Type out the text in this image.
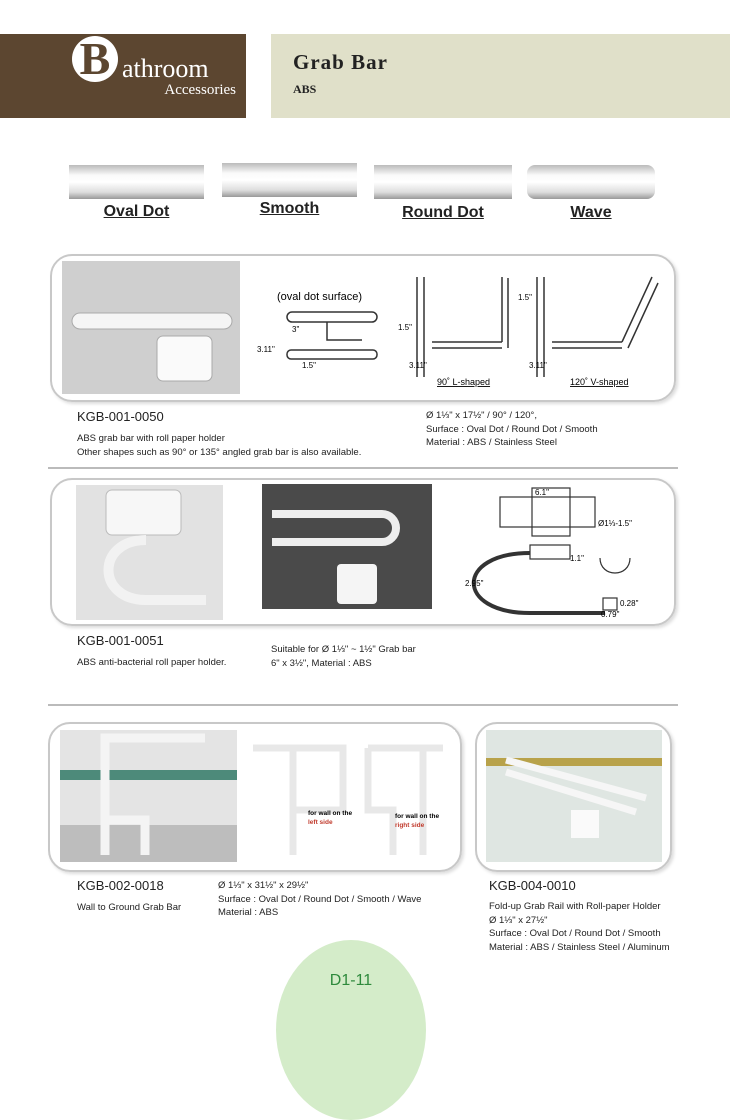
B athroom
Accessories
Grab Bar
ABS
Oval Dot	Smooth	Round Dot	Wave
(oval dot surface)
3"
3.11"
1.5"
1.5"
3.11"
1.5"
3.11"
90˚ L-shaped	120˚ V-shaped
KGB-001-0050
ABS grab bar with roll paper holder
Other shapes such as 90° or 135° angled grab bar is also available.
Ø 1⅓" x 17½" / 90° / 120°,
Surface : Oval Dot / Round Dot / Smooth
Material : ABS / Stainless Steel
6.1"
Ø1⅓-1.5"
1.1"
2.95"
0.28"
0.79"
KGB-001-0051
ABS anti-bacterial roll paper holder.
Suitable for Ø 1⅓" ~ 1½" Grab bar
6" x 3½", Material : ABS
for wall on the
left side
for wall on the
right side
KGB-002-0018
Wall to Ground Grab Bar
Ø 1⅓" x 31½" x 29½"
Surface : Oval Dot / Round Dot / Smooth / Wave
Material : ABS
KGB-004-0010
Fold-up Grab Rail with Roll-paper Holder
Ø 1⅓" x 27½"
Surface : Oval Dot / Round Dot / Smooth
Material : ABS / Stainless Steel / Aluminum
D1-11
